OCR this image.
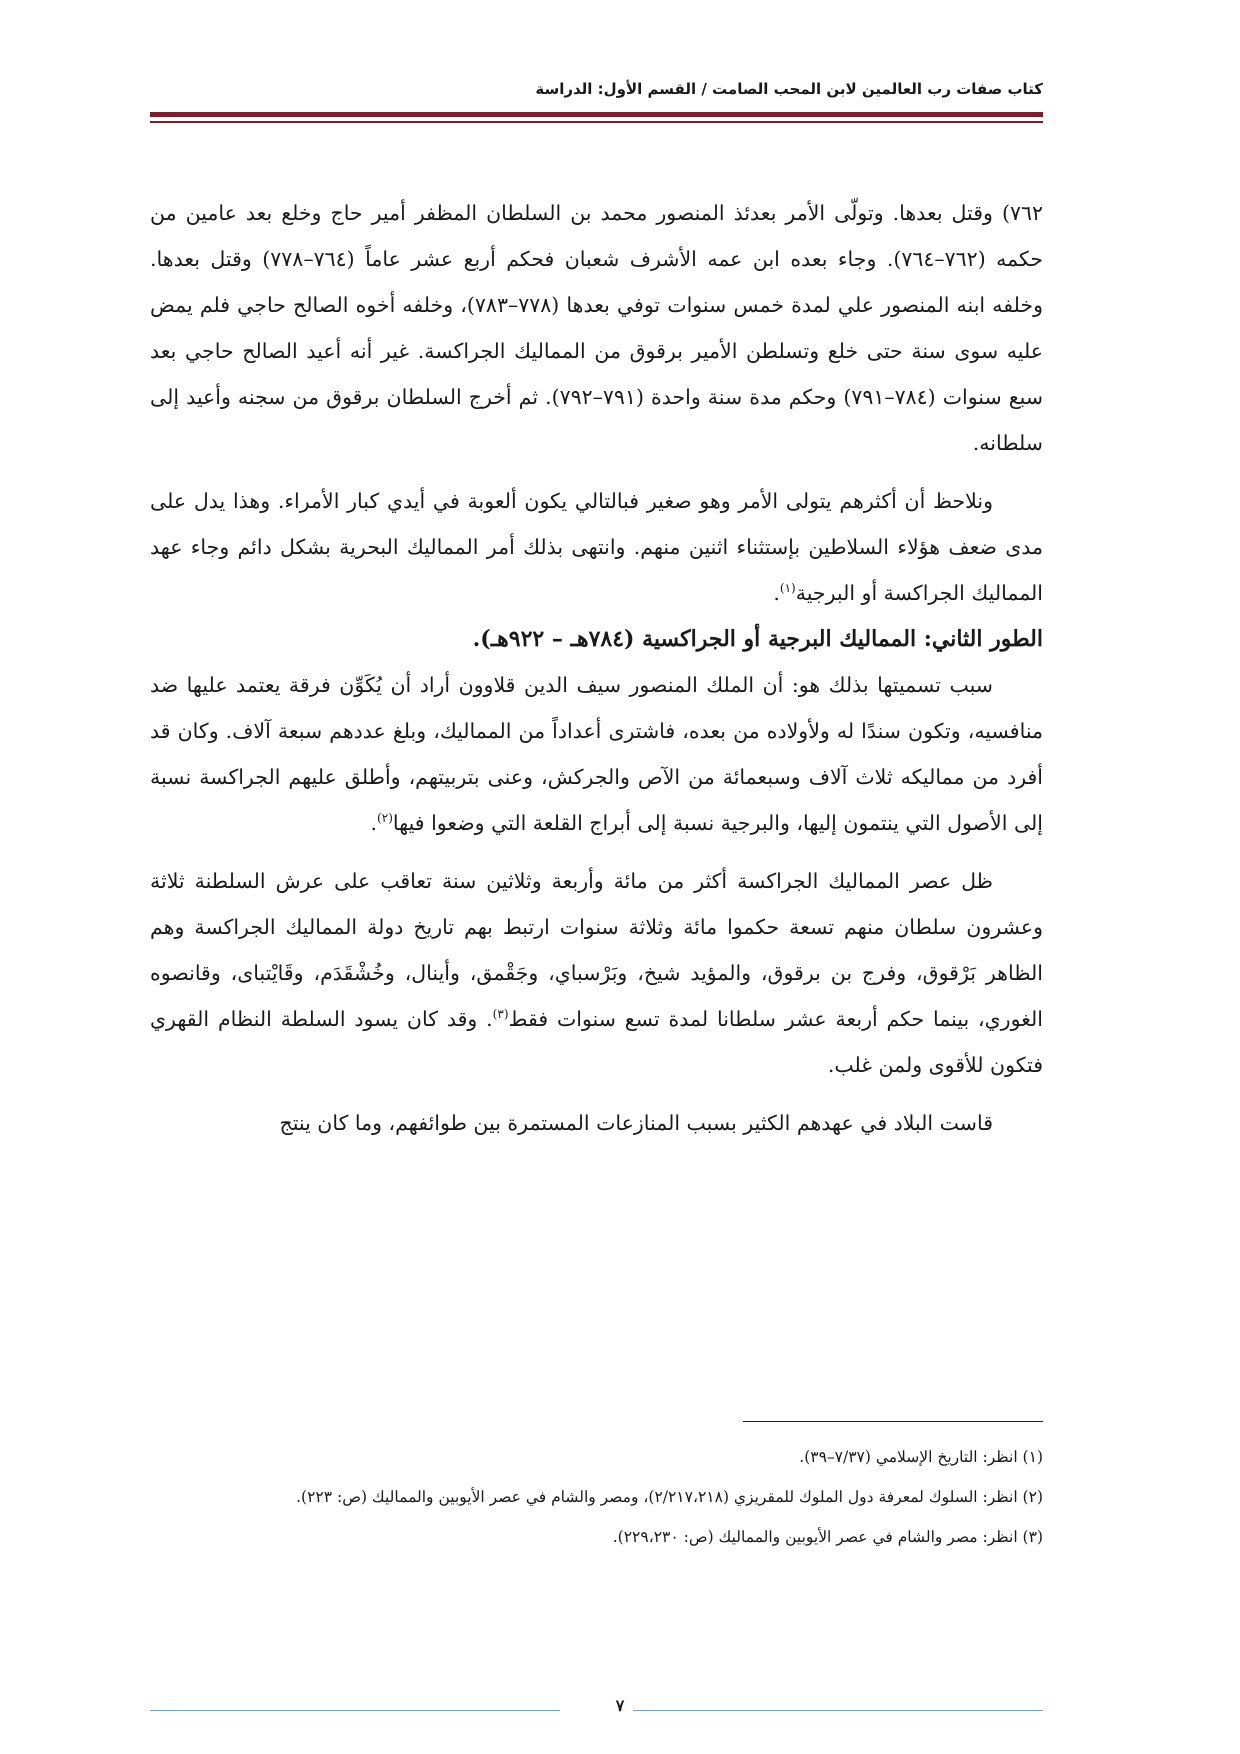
كتاب صفات رب العالمين لابن المحب الصامت / القسم الأول: الدراسة

٧٦٢) وقتل بعدها. وتولّى الأمر بعدئذ المنصور محمد بن السلطان المظفر أمير حاج وخلع بعد عامين من حكمه (٧٦٢–٧٦٤). وجاء بعده ابن عمه الأشرف شعبان فحكم أربع عشر عاماً (٧٦٤–٧٧٨) وقتل بعدها. وخلفه ابنه المنصور علي لمدة خمس سنوات توفي بعدها (٧٧٨–٧٨٣)، وخلفه أخوه الصالح حاجي فلم يمض عليه سوى سنة حتى خلع وتسلطن الأمير برقوق من المماليك الجراكسة. غير أنه أعيد الصالح حاجي بعد سبع سنوات (٧٨٤–٧٩١) وحكم مدة سنة واحدة (٧٩١–٧٩٢). ثم أخرج السلطان برقوق من سجنه وأعيد إلى سلطانه.

ونلاحظ أن أكثرهم يتولى الأمر وهو صغير فبالتالي يكون ألعوبة في أيدي كبار الأمراء. وهذا يدل على مدى ضعف هؤلاء السلاطين بإستثناء اثنين منهم. وانتهى بذلك أمر المماليك البحرية بشكل دائم وجاء عهد المماليك الجراكسة أو البرجية$^{(١)}$.

الطور الثاني: المماليك البرجية أو الجراكسية (٧٨٤هـ – ٩٢٢هـ).

سبب تسميتها بذلك هو: أن الملك المنصور سيف الدين قلاوون أراد أن يُكَوِّن فرقة يعتمد عليها ضد منافسيه، وتكون سندًا له ولأولاده من بعده، فاشترى أعداداً من المماليك، وبلغ عددهم سبعة آلاف. وكان قد أفرد من مماليكه ثلاث آلاف وسبعمائة من الآص والجركش، وعنى بتربيتهم، وأطلق عليهم الجراكسة نسبة إلى الأصول التي ينتمون إليها، والبرجية نسبة إلى أبراج القلعة التي وضعوا فيها$^{(٢)}$.

ظل عصر المماليك الجراكسة أكثر من مائة وأربعة وثلاثين سنة تعاقب على عرش السلطنة ثلاثة وعشرون سلطان منهم تسعة حكموا مائة وثلاثة سنوات ارتبط بهم تاريخ دولة المماليك الجراكسة وهم الظاهر بَرْقوق، وفرج بن برقوق، والمؤيد شيخ، وبَرْسباي، وجَقْمق، وأينال، وخُشْقَدَم، وقَايْتباى، وقانصوه الغوري، بينما حكم أربعة عشر سلطانا لمدة تسع سنوات فقط$^{(٣)}$. وقد كان يسود السلطة النظام القهري فتكون للأقوى ولمن غلب.

قاست البلاد في عهدهم الكثير بسبب المنازعات المستمرة بين طوائفهم، وما كان ينتج

(١) انظر: التاريخ الإسلامي (٧/٣٧–٣٩).

(٢) انظر: السلوك لمعرفة دول الملوك للمقريزي (٢/٢١٧،٢١٨)، ومصر والشام في عصر الأيوبين والمماليك (ص: ٢٢٣).

(٣) انظر: مصر والشام في عصر الأيوبين والمماليك (ص: ٢٢٩،٢٣٠).

٧
